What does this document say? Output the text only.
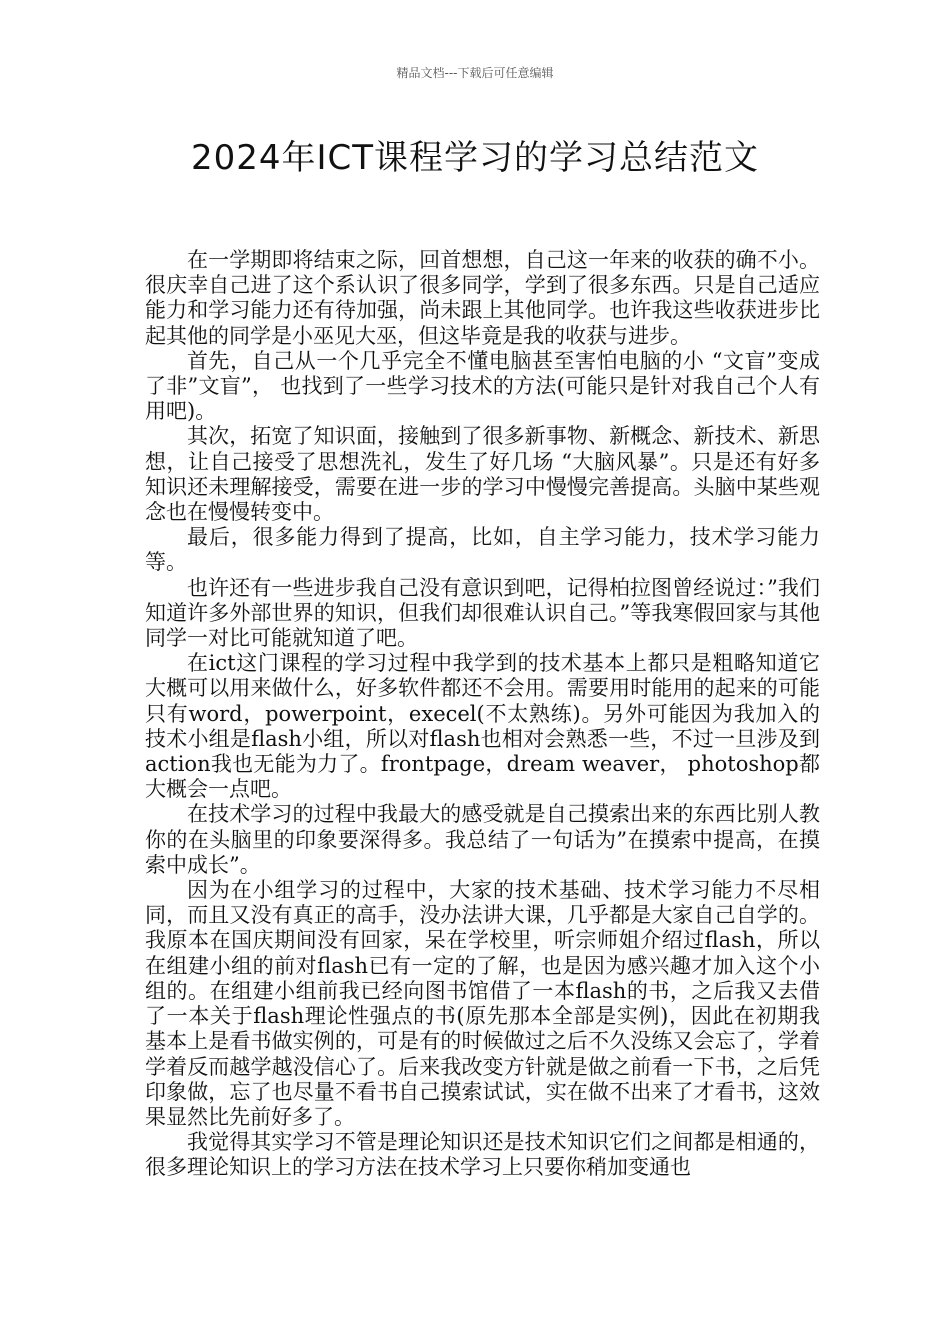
精品文档---下载后可任意编辑
2024年ICT课程学习的学习总结范文

在一学期即将结束之际，回首想想，自己这一年来的收获的确不小。很庆幸自己进了这个系认识了很多同学，学到了很多东西。只是自己适应能力和学习能力还有待加强，尚未跟上其他同学。也许我这些收获进步比起其他的同学是小巫见大巫，但这毕竟是我的收获与进步。

首先，自己从一个几乎完全不懂电脑甚至害怕电脑的小 “文盲”变成了非”文盲”， 也找到了一些学习技术的方法(可能只是针对我自己个人有用吧)。

其次，拓宽了知识面，接触到了很多新事物、新概念、新技术、新思想，让自己接受了思想洗礼，发生了好几场 “大脑风暴”。只是还有好多知识还未理解接受，需要在进一步的学习中慢慢完善提高。头脑中某些观念也在慢慢转变中。

最后，很多能力得到了提高，比如，自主学习能力，技术学习能力等。

也许还有一些进步我自己没有意识到吧，记得柏拉图曾经说过：”我们知道许多外部世界的知识，但我们却很难认识自己。”等我寒假回家与其他同学一对比可能就知道了吧。

在ict这门课程的学习过程中我学到的技术基本上都只是粗略知道它大概可以用来做什么，好多软件都还不会用。需要用时能用的起来的可能只有word，powerpoint，execel(不太熟练)。另外可能因为我加入的技术小组是flash小组，所以对flash也相对会熟悉一些，不过一旦涉及到action我也无能为力了。frontpage，dream weaver， photoshop都大概会一点吧。

在技术学习的过程中我最大的感受就是自己摸索出来的东西比别人教你的在头脑里的印象要深得多。我总结了一句话为”在摸索中提高，在摸索中成长”。

因为在小组学习的过程中，大家的技术基础、技术学习能力不尽相同，而且又没有真正的高手，没办法讲大课，几乎都是大家自己自学的。我原本在国庆期间没有回家，呆在学校里，听宗师姐介绍过flash，所以在组建小组的前对flash已有一定的了解，也是因为感兴趣才加入这个小组的。在组建小组前我已经向图书馆借了一本flash的书，之后我又去借了一本关于flash理论性强点的书(原先那本全部是实例)，因此在初期我基本上是看书做实例的，可是有的时候做过之后不久没练又会忘了，学着学着反而越学越没信心了。后来我改变方针就是做之前看一下书，之后凭印象做，忘了也尽量不看书自己摸索试试，实在做不出来了才看书，这效果显然比先前好多了。

我觉得其实学习不管是理论知识还是技术知识它们之间都是相通的，很多理论知识上的学习方法在技术学习上只要你稍加变通也
